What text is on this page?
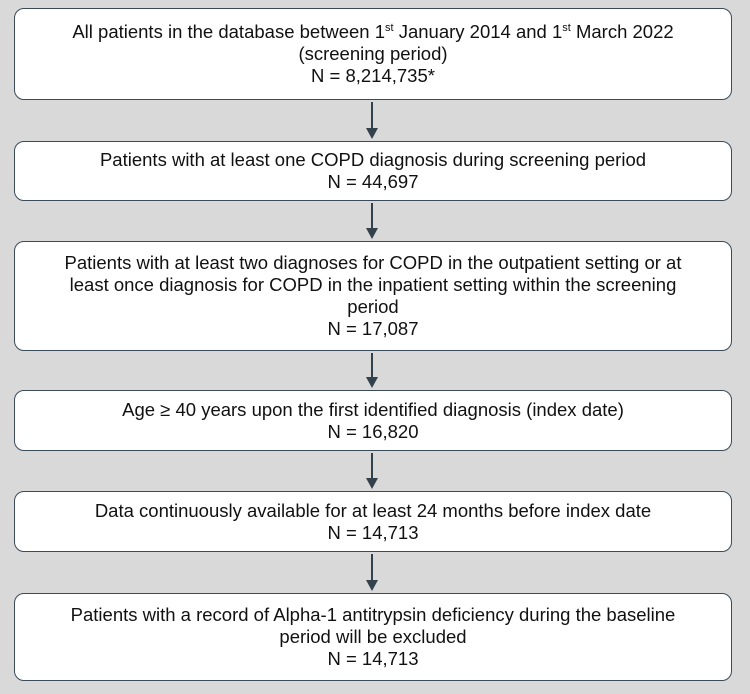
All patients in the database between 1st January 2014 and 1st March 2022
(screening period)
N = 8,214,735*
Patients with at least one COPD diagnosis during screening period
N = 44,697
Patients with at least two diagnoses for COPD in the outpatient setting or at
least once diagnosis for COPD in the inpatient setting within the screening
period
N = 17,087
Age ≥ 40 years upon the first identified diagnosis (index date)
N = 16,820
Data continuously available for at least 24 months before index date
N = 14,713
Patients with a record of Alpha-1 antitrypsin deficiency during the baseline
period will be excluded
N = 14,713
